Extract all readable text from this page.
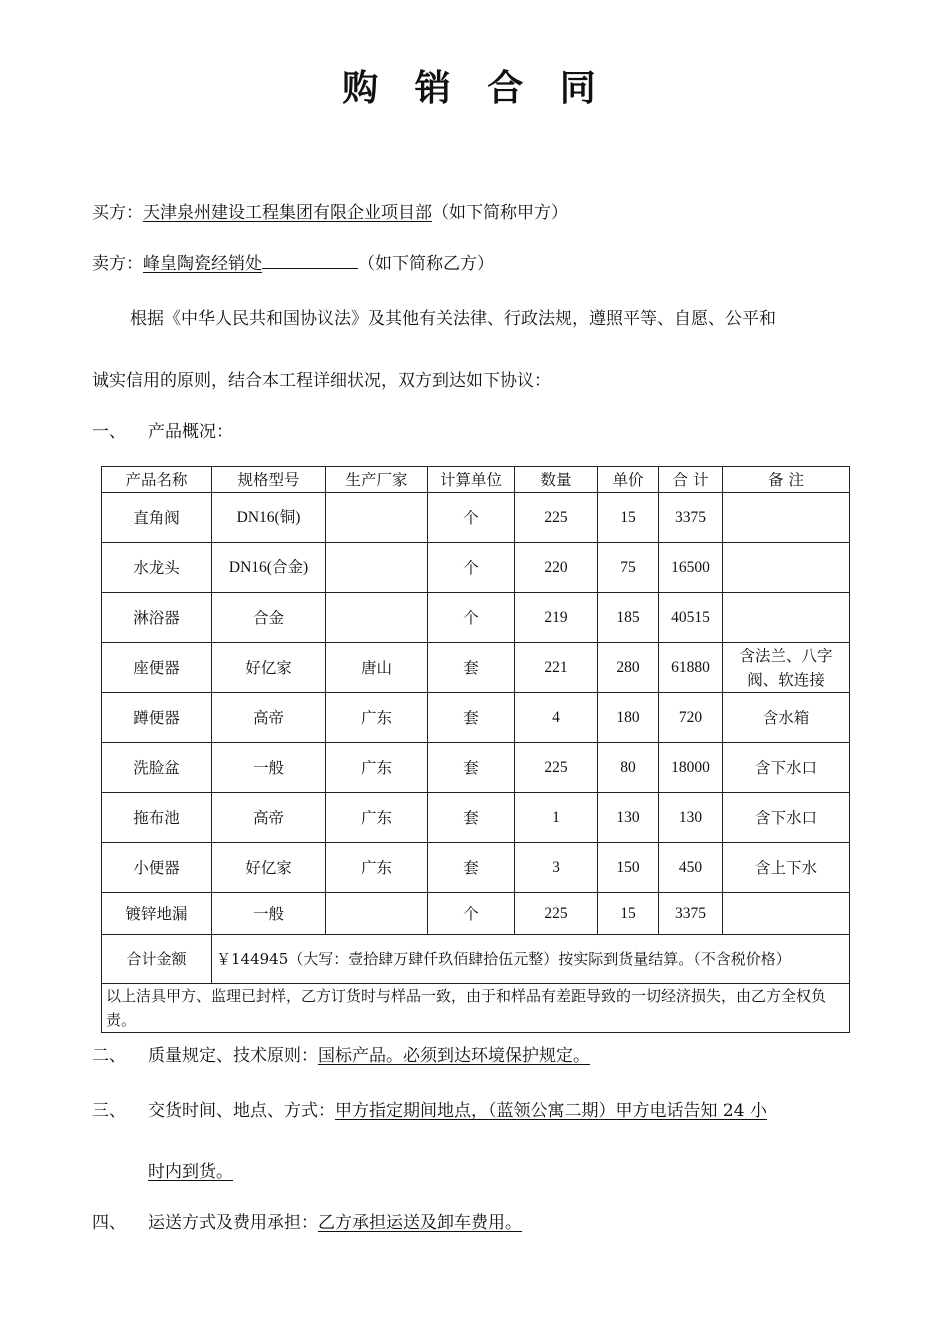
购 销 合 同
买方：天津泉州建设工程集团有限企业项目部（如下简称甲方）
卖方：峰皇陶瓷经销处	（如下简称乙方）
根据《中华人民共和国协议法》及其他有关法律、行政法规，遵照平等、自愿、公平和
诚实信用的原则，结合本工程详细状况，双方到达如下协议：
一、 产品概况：
产品名称	规格型号	生产厂家	计算单位	数量	单价	合 计	备 注
直角阀	DN16(铜)		个	225	15	3375	
水龙头	DN16(合金)		个	220	75	16500	
淋浴器	合金		个	219	185	40515	
座便器	好亿家	唐山	套	221	280	61880	含法兰、八字阀、软连接
蹲便器	高帝	广东	套	4	180	720	含水箱
洗脸盆	一般	广东	套	225	80	18000	含下水口
拖布池	高帝	广东	套	1	130	130	含下水口
小便器	好亿家	广东	套	3	150	450	含上下水
镀锌地漏	一般		个	225	15	3375	
合计金额	￥144945（大写：壹拾肆万肆仟玖佰肆拾伍元整）按实际到货量结算。（不含税价格）						
以上洁具甲方、监理已封样，乙方订货时与样品一致，由于和样品有差距导致的一切经济损失，由乙方全权负责。							
二、 质量规定、技术原则：国标产品。必须到达环境保护规定。
三、 交货时间、地点、方式：甲方指定期间地点，（蓝领公寓二期）甲方电话告知 24 小
时内到货。
四、 运送方式及费用承担：乙方承担运送及卸车费用。
